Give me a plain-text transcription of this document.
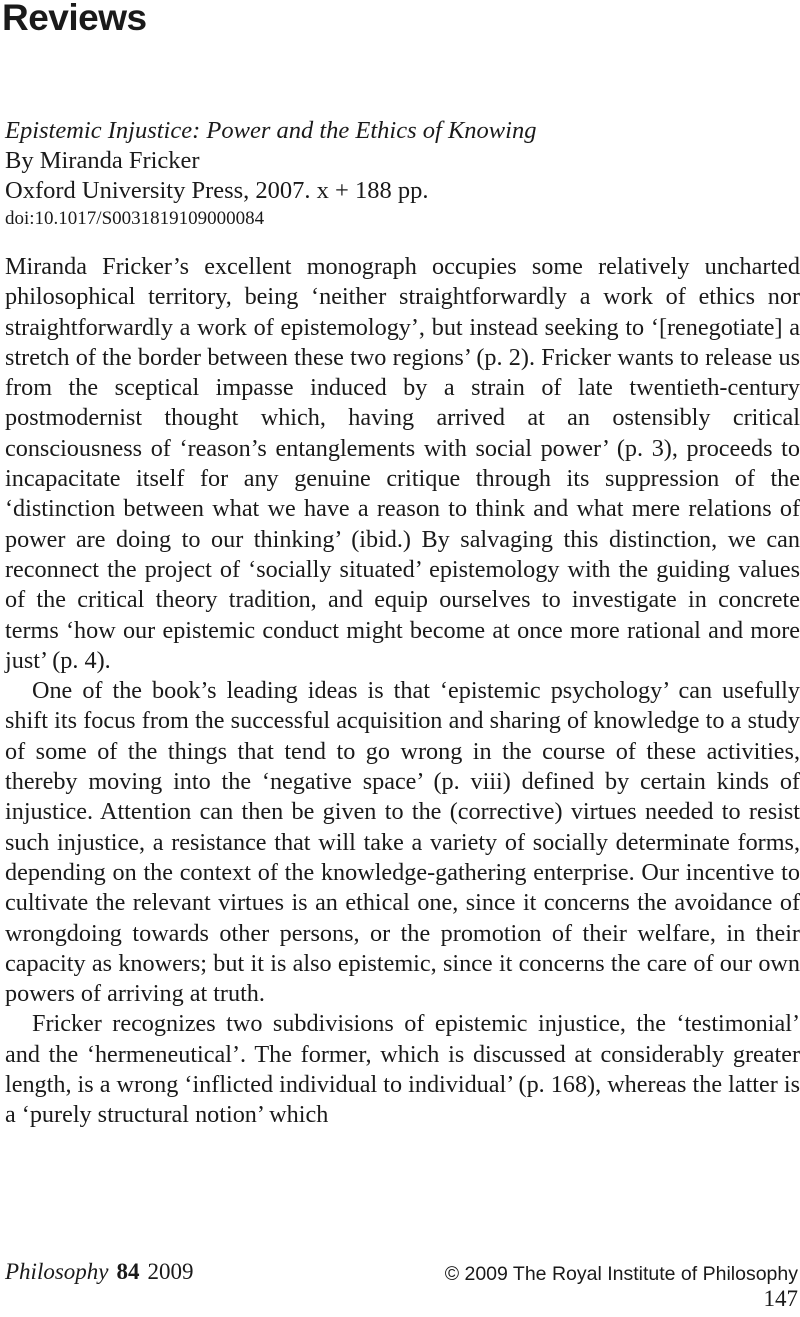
Reviews
Epistemic Injustice: Power and the Ethics of Knowing
By Miranda Fricker
Oxford University Press, 2007. x + 188 pp.
doi:10.1017/S0031819109000084

Miranda Fricker’s excellent monograph occupies some relatively uncharted philosophical territory, being ‘neither straightforwardly a work of ethics nor straightforwardly a work of epistemology’, but instead seeking to ‘[renegotiate] a stretch of the border between these two regions’ (p. 2). Fricker wants to release us from the sceptical impasse induced by a strain of late twentieth-century postmodernist thought which, having arrived at an ostensibly critical consciousness of ‘reason’s entanglements with social power’ (p. 3), proceeds to incapacitate itself for any genuine critique through its suppression of the ‘distinction between what we have a reason to think and what mere relations of power are doing to our thinking’ (ibid.) By salvaging this distinction, we can reconnect the project of ‘socially situated’ epistemology with the guiding values of the critical theory tradition, and equip ourselves to investigate in concrete terms ‘how our epistemic conduct might become at once more rational and more just’ (p. 4).

One of the book’s leading ideas is that ‘epistemic psychology’ can usefully shift its focus from the successful acquisition and sharing of knowledge to a study of some of the things that tend to go wrong in the course of these activities, thereby moving into the ‘negative space’ (p. viii) defined by certain kinds of injustice. Attention can then be given to the (corrective) virtues needed to resist such injustice, a resistance that will take a variety of socially determinate forms, depending on the context of the knowledge-gathering enterprise. Our incentive to cultivate the relevant virtues is an ethical one, since it concerns the avoidance of wrongdoing towards other persons, or the promotion of their welfare, in their capacity as knowers; but it is also epistemic, since it concerns the care of our own powers of arriving at truth.

Fricker recognizes two subdivisions of epistemic injustice, the ‘testimonial’ and the ‘hermeneutical’. The former, which is discussed at considerably greater length, is a wrong ‘inflicted individual to individual’ (p. 168), whereas the latter is a ‘purely structural notion’ which

Philosophy 84 2009	© 2009 The Royal Institute of Philosophy
147
